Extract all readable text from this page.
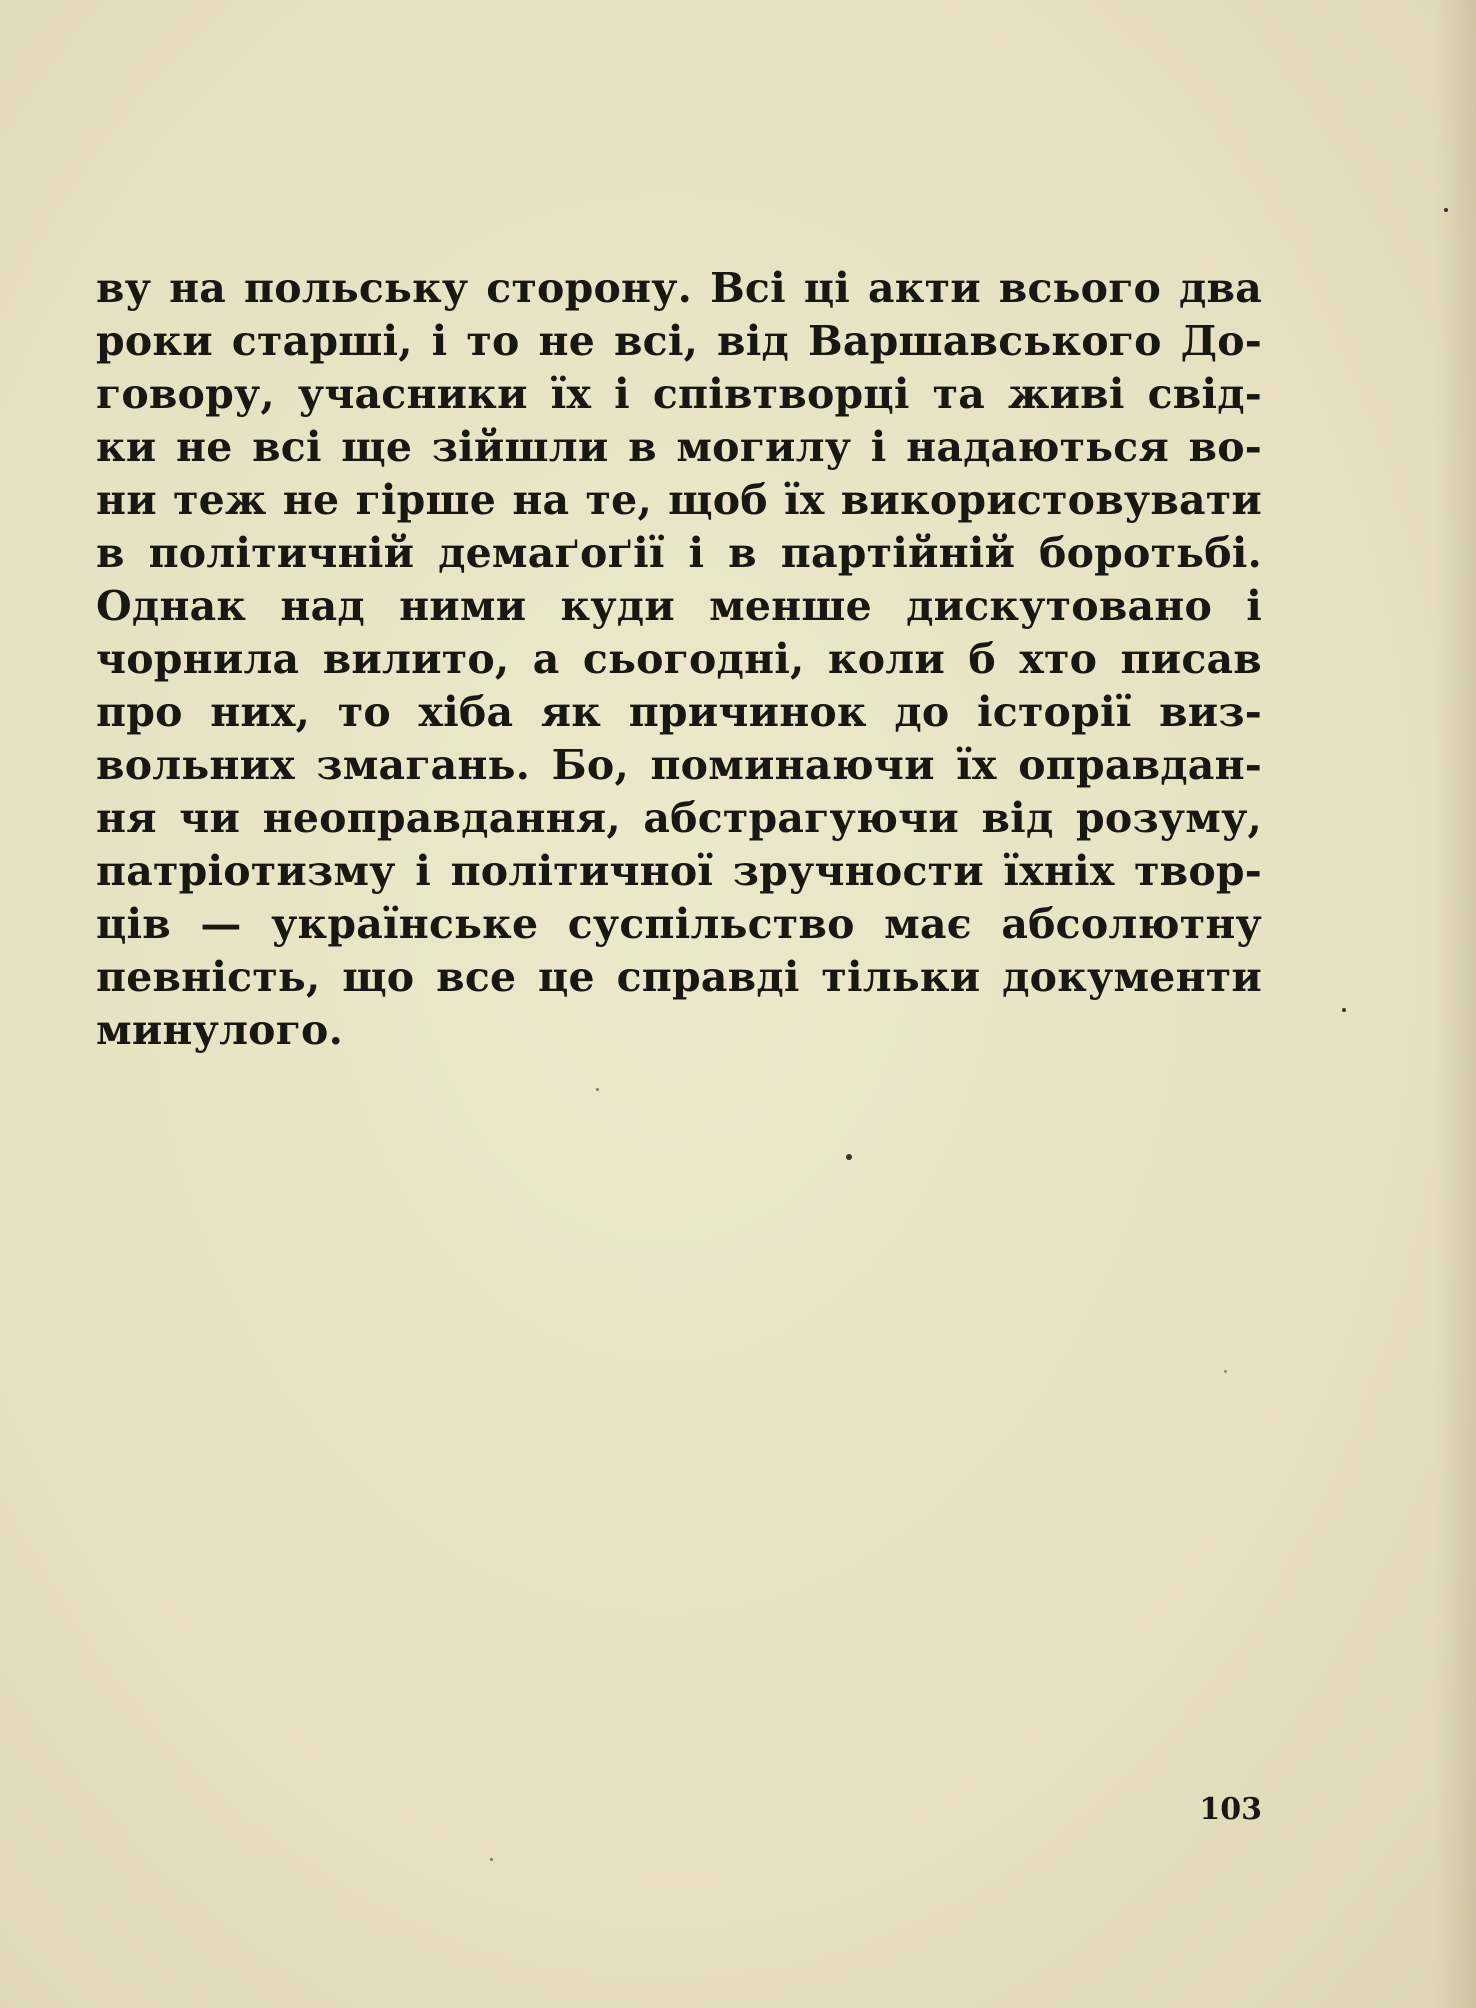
ву на польську сторону. Всі ці акти всього два
роки старші, і то не всі, від Варшавського До-
говору, учасники їх і співтворці та живі свід-
ки не всі ще зійшли в могилу і надаються во-
ни теж не гірше на те, щоб їх використовувати
в політичній демаґоґії і в партійній боротьбі.
Однак над ними куди менше дискутовано і
чорнила вилито, а сьогодні, коли б хто писав
про них, то хіба як причинок до історії виз-
вольних змагань. Бо, поминаючи їх оправдан-
ня чи неоправдання, абстрагуючи від розуму,
патріотизму і політичної зручности їхніх твор-
ців — українське суспільство має абсолютну
певність, що все це справді тільки документи
минулого.
103
